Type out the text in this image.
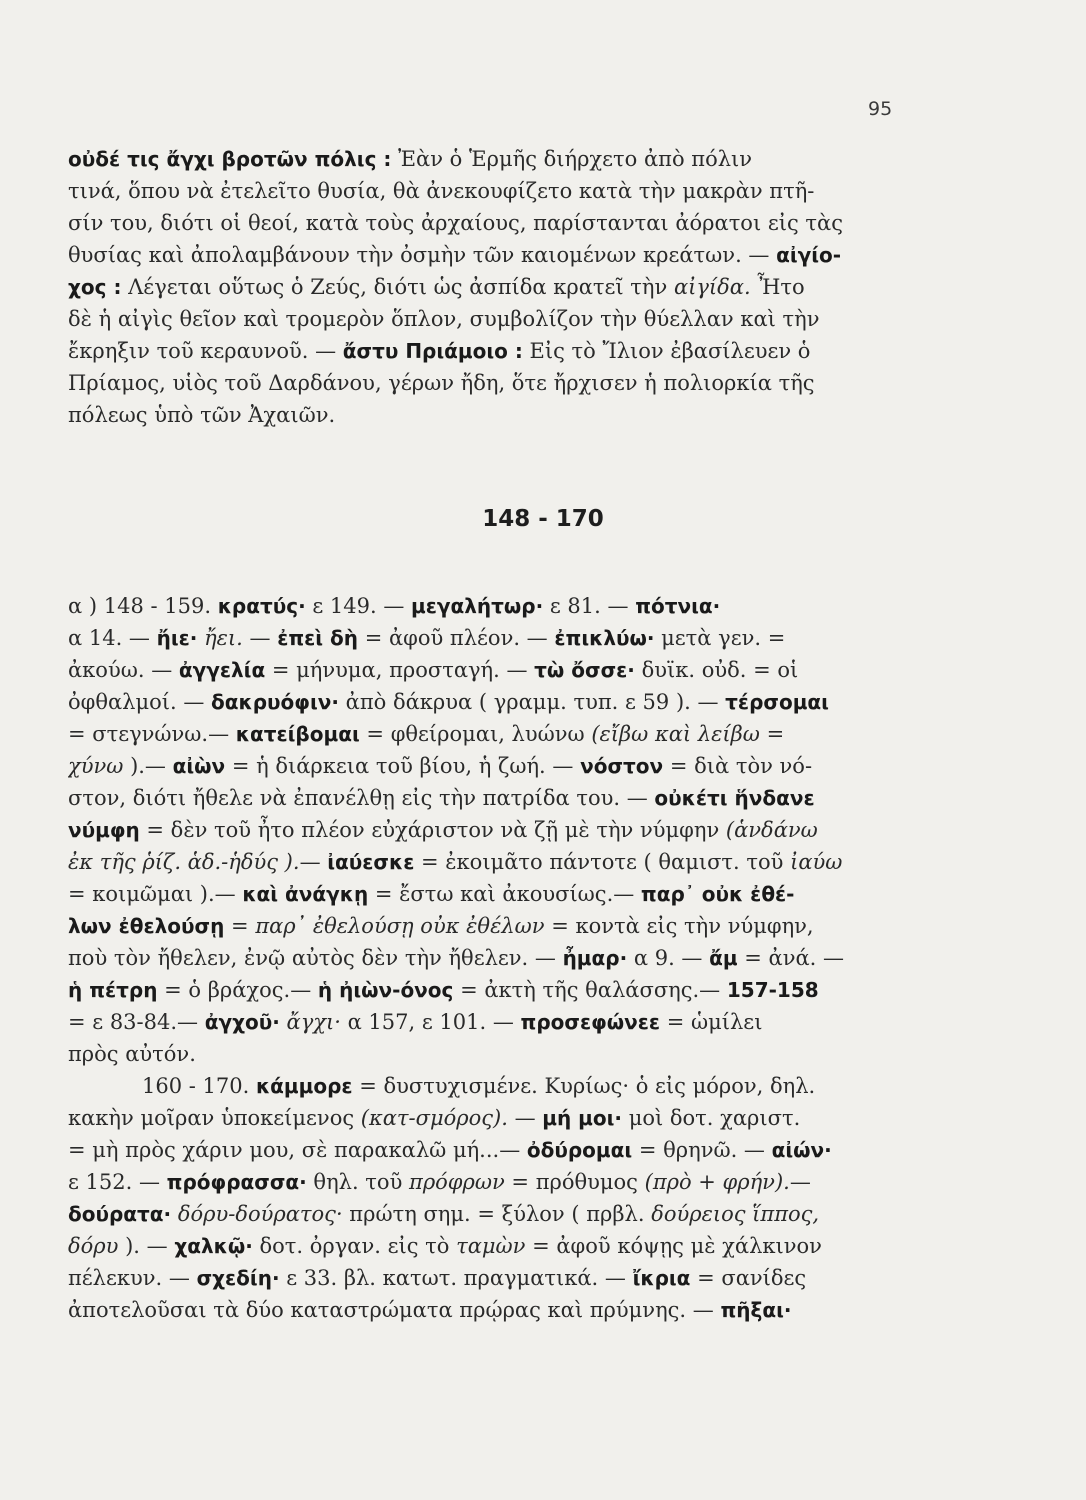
95
οὐδέ τις ἄγχι βροτῶν πόλις : Ἐὰν ὁ Ἑρμῆς διήρχετο ἀπὸ πόλιν
τινά, ὅπου νὰ ἐτελεῖτο θυσία, θὰ ἀνεκουφίζετο κατὰ τὴν μακρὰν πτῆ-
σίν του, διότι οἱ θεοί, κατὰ τοὺς ἀρχαίους, παρίστανται ἀόρατοι εἰς τὰς
θυσίας καὶ ἀπολαμβάνουν τὴν ὀσμὴν τῶν καιομένων κρεάτων. — αἰγίο-
χος : Λέγεται οὕτως ὁ Ζεύς, διότι ὡς ἀσπίδα κρατεῖ τὴν αἰγίδα. Ἦτο
δὲ ἡ αἰγὶς θεῖον καὶ τρομερὸν ὅπλον, συμβολίζον τὴν θύελλαν καὶ τὴν
ἔκρηξιν τοῦ κεραυνοῦ. — ἄστυ Πριάμοιο : Εἰς τὸ Ἴλιον ἐβασίλευεν ὁ
Πρίαμος, υἱὸς τοῦ Δαρδάνου, γέρων ἤδη, ὅτε ἤρχισεν ἡ πολιορκία τῆς
πόλεως ὑπὸ τῶν Ἀχαιῶν.
148 - 170
α ) 148 - 159. κρατύς· ε 149. — μεγαλήτωρ· ε 81. — πότνια·
α 14. — ἤιε· ἤει. — ἐπεὶ δὴ = ἀφοῦ πλέον. — ἐπικλύω· μετὰ γεν. =
ἀκούω. — ἀγγελία = μήνυμα, προσταγή. — τὼ ὄσσε· δυϊκ. οὐδ. = οἱ
ὀφθαλμοί. — δακρυόφιν· ἀπὸ δάκρυα ( γραμμ. τυπ. ε 59 ). — τέρσομαι
= στεγνώνω.— κατείβομαι = φθείρομαι, λυώνω (εἴβω καὶ λείβω =
χύνω ).— αἰὼν = ἡ διάρκεια τοῦ βίου, ἡ ζωή. — νόστον = διὰ τὸν νό-
στον, διότι ἤθελε νὰ ἐπανέλθῃ εἰς τὴν πατρίδα του. — οὐκέτι ἥνδανε
νύμφη = δὲν τοῦ ἦτο πλέον εὐχάριστον νὰ ζῇ μὲ τὴν νύμφην (ἁνδάνω
ἐκ τῆς ῥίζ. ἁδ.-ἡδύς ).— ἰαύεσκε = ἐκοιμᾶτο πάντοτε ( θαμιστ. τοῦ ἰαύω
= κοιμῶμαι ).— καὶ ἀνάγκῃ = ἔστω καὶ ἀκουσίως.— παρ᾽ οὐκ ἐθέ-
λων ἐθελούσῃ = παρ᾽ ἐθελούσῃ οὐκ ἐθέλων = κοντὰ εἰς τὴν νύμφην,
ποὺ τὸν ἤθελεν, ἐνῷ αὐτὸς δὲν τὴν ἤθελεν. — ἦμαρ· α 9. — ἄμ = ἀνά. —
ἡ πέτρη = ὁ βράχος.— ἡ ἠιὼν-όνος = ἀκτὴ τῆς θαλάσσης.— 157-158
= ε 83-84.— ἀγχοῦ· ἄγχι· α 157, ε 101. — προσεφώνεε = ὡμίλει
πρὸς αὐτόν.
160 - 170. κάμμορε = δυστυχισμένε. Κυρίως· ὁ εἰς μόρον, δηλ.
κακὴν μοῖραν ὑποκείμενος (κατ-σμόρος). — μή μοι· μοὶ δοτ. χαριστ.
= μὴ πρὸς χάριν μου, σὲ παρακαλῶ μή...— ὀδύρομαι = θρηνῶ. — αἰών·
ε 152. — πρόφρασσα· θηλ. τοῦ πρόφρων = πρόθυμος (πρὸ + φρήν).—
δούρατα· δόρυ-δούρατος· πρώτη σημ. = ξύλον ( πρβλ. δούρειος ἵππος,
δόρυ ). — χαλκῷ· δοτ. ὀργαν. εἰς τὸ ταμὼν = ἀφοῦ κόψῃς μὲ χάλκινον
πέλεκυν. — σχεδίη· ε 33. βλ. κατωτ. πραγματικά. — ἴκρια = σανίδες
ἀποτελοῦσαι τὰ δύο καταστρώματα πρῴρας καὶ πρύμνης. — πῆξαι·
